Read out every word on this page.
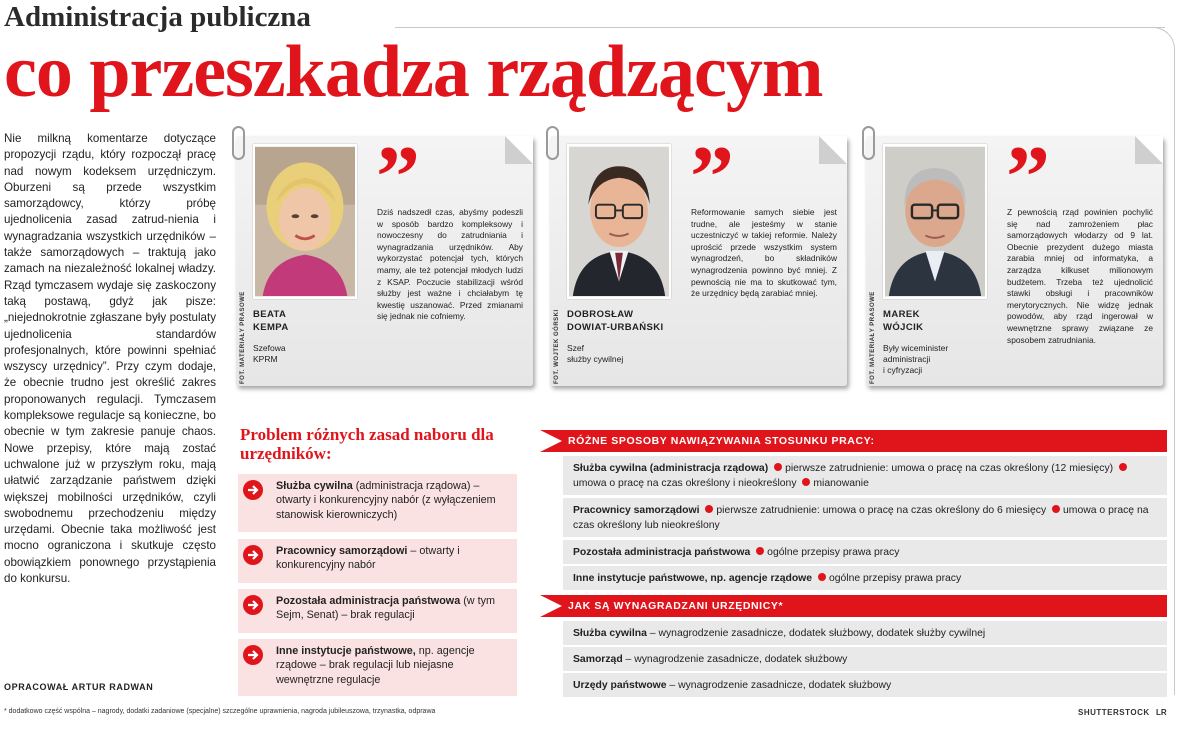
Administracja publiczna
co przeszkadza rządzącym
Nie milkną komentarze dotyczące propozycji rządu, który rozpoczął pracę nad nowym kodeksem urzędniczym. Oburzeni są przede wszystkim samorządowcy, którzy próbę ujednolicenia zasad zatrud-nienia i wynagradzania wszystkich urzędników – także samorządowych – traktują jako zamach na niezależność lokalnej władzy. Rząd tymczasem wydaje się zaskoczony taką postawą, gdyż jak pisze: „niejednokrotnie zgłaszane były postulaty ujednolicenia standardów profesjonalnych, które powinni spełniać wszyscy urzędnicy”. Przy czym dodaje, że obecnie trudno jest określić zakres proponowanych regulacji. Tymczasem kompleksowe regulacje są konieczne, bo obecnie w tym zakresie panuje chaos. Nowe przepisy, które mają zostać uchwalone już w przyszłym roku, mają ułatwić zarządzanie państwem dzięki większej mobilności urzędników, czyli swobodnemu przechodzeniu między urzędami. Obecnie taka możliwość jest mocno ograniczona i skutkuje często obowiązkiem ponownego przystąpienia do konkursu.
OPRACOWAŁ ARTUR RADWAN
FOT. MATERIAŁY PRASOWE
”
BEATA
KEMPA
Szefowa
KPRM
Dziś nadszedł czas, abyśmy podeszli w sposób bardzo kompleksowy i nowoczesny do zatrudniania i wynagradzania urzędników. Aby wykorzystać potencjał tych, których mamy, ale też potencjał młodych ludzi z KSAP. Poczucie stabilizacji wśród służby jest ważne i chciałabym tę kwestię uszanować. Przed zmianami się jednak nie cofniemy.	FOT. WOJTEK GÓRSKI
”
DOBROSŁAW
DOWIAT-URBAŃSKI
Szef
służby cywilnej
Reformowanie samych siebie jest trudne, ale jesteśmy w stanie uczestniczyć w takiej reformie. Należy uprościć przede wszystkim system wynagrodzeń, bo składników wynagrodzenia powinno być mniej. Z pewnością nie ma to skutkować tym, że urzędnicy będą zarabiać mniej.	FOT. MATERIAŁY PRASOWE
”
MAREK
WÓJCIK
Były wiceminister
administracji
i cyfryzacji
Z pewnością rząd powinien pochylić się nad zamrożeniem płac samorządowych włodarzy od 9 lat. Obecnie prezydent dużego miasta zarabia mniej od informatyka, a zarządza kilkuset milionowym budżetem. Trzeba też ujednolicić stawki obsługi i pracowników merytorycznych. Nie widzę jednak powodów, aby rząd ingerował w wewnętrzne sprawy związane ze sposobem zatrudniania.
Problem różnych zasad naboru dla urzędników:
Służba cywilna (administracja rządowa) – otwarty i konkurencyjny nabór (z wyłączeniem stanowisk kierowniczych)
Pracownicy samorządowi – otwarty i konkurencyjny nabór
Pozostała administracja państwowa (w tym Sejm, Senat) – brak regulacji
Inne instytucje państwowe, np. agencje rządowe – brak regulacji lub niejasne wewnętrzne regulacje
RÓŻNE SPOSOBY NAWIĄZYWANIA STOSUNKU PRACY:
Służba cywilna (administracja rządowa) pierwsze zatrudnienie: umowa o pracę na czas określony (12 miesięcy) umowa o pracę na czas określony i nieokreślony mianowanie
Pracownicy samorządowi pierwsze zatrudnienie: umowa o pracę na czas określony do 6 miesięcy umowa o pracę na czas określony lub nieokreślony
Pozostała administracja państwowa ogólne przepisy prawa pracy
Inne instytucje państwowe, np. agencje rządowe ogólne przepisy prawa pracy
JAK SĄ WYNAGRADZANI URZĘDNICY*
Służba cywilna – wynagrodzenie zasadnicze, dodatek służbowy, dodatek służby cywilnej
Samorząd – wynagrodzenie zasadnicze, dodatek służbowy
Urzędy państwowe – wynagrodzenie zasadnicze, dodatek służbowy
* dodatkowo część wspólna – nagrody, dodatki zadaniowe (specjalne) szczególne uprawnienia, nagroda jubileuszowa, trzynastka, odprawa	SHUTTERSTOCK LR
